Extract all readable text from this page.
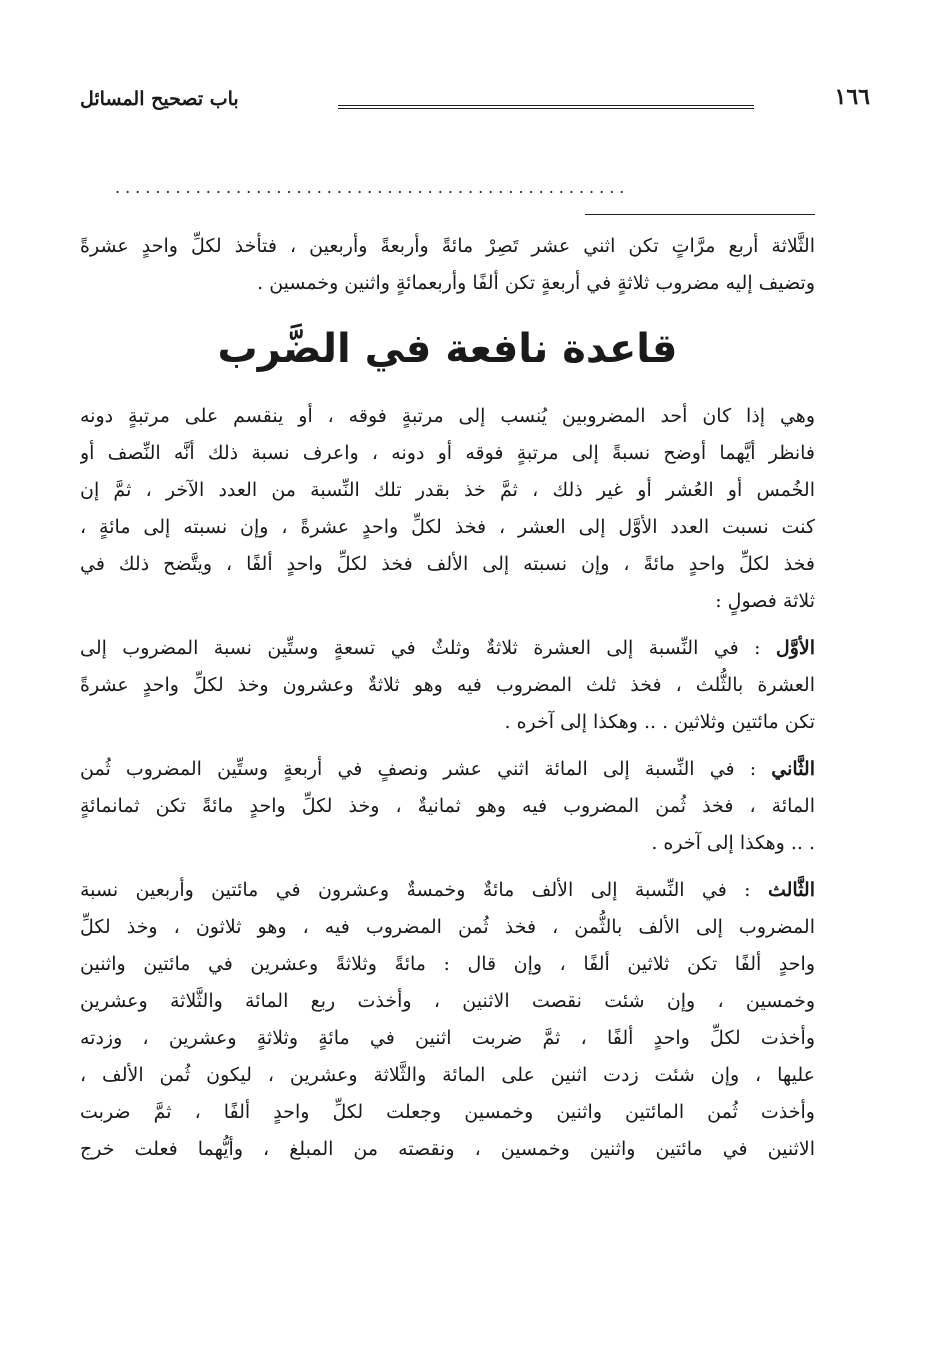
باب تصحيح المسائل	١٦٦
...................................................
الثَّلاثة أربع مرَّاتٍ تكن اثني عشر تَصِرْ مائةً وأربعةً وأربعين ، فتأخذ لكلِّ واحدٍ عشرةً
وتضيف إليه مضروب ثلاثةٍ في أربعةٍ تكن ألفًا وأربعمائةٍ واثنين وخمسين .
قاعدة نافعة في الضَّرب
وهي إذا كان أحد المضروبين يُنسب إلى مرتبةٍ فوقه ، أو ينقسم على مرتبةٍ دونه
فانظر أيَّهما أوضح نسبةً إلى مرتبةٍ فوقه أو دونه ، واعرف نسبة ذلك أنَّه النِّصف أو
الخُمس أو العُشر أو غير ذلك ، ثمَّ خذ بقدر تلك النِّسبة من العدد الآخر ، ثمَّ إن
كنت نسبت العدد الأوَّل إلى العشر ، فخذ لكلِّ واحدٍ عشرةً ، وإن نسبته إلى مائةٍ ،
فخذ لكلِّ واحدٍ مائةً ، وإن نسبته إلى الألف فخذ لكلِّ واحدٍ ألفًا ، ويتَّضح ذلك في
ثلاثة فصولٍ :
الأوَّل : في النِّسبة إلى العشرة ثلاثةٌ وثلثٌ في تسعةٍ وستِّين نسبة المضروب إلى
العشرة بالثُّلث ، فخذ ثلث المضروب فيه وهو ثلاثةٌ وعشرون وخذ لكلِّ واحدٍ عشرةً
تكن مائتين وثلاثين . .. وهكذا إلى آخره .
الثَّاني : في النِّسبة إلى المائة اثني عشر ونصفٍ في أربعةٍ وستِّين المضروب ثُمن
المائة ، فخذ ثُمن المضروب فيه وهو ثمانيةٌ ، وخذ لكلِّ واحدٍ مائةً تكن ثمانمائةٍ
. .. وهكذا إلى آخره .
الثَّالث : في النِّسبة إلى الألف مائةٌ وخمسةٌ وعشرون في مائتين وأربعين نسبة
المضروب إلى الألف بالثُّمن ، فخذ ثُمن المضروب فيه ، وهو ثلاثون ، وخذ لكلِّ
واحدٍ ألفًا تكن ثلاثين ألفًا ، وإن قال : مائةً وثلاثةً وعشرين في مائتين واثنين
وخمسين ، وإن شئت نقصت الاثنين ، وأخذت ربع المائة والثَّلاثة وعشرين
وأخذت لكلِّ واحدٍ ألفًا ، ثمَّ ضربت اثنين في مائةٍ وثلاثةٍ وعشرين ، وزدته
عليها ، وإن شئت زدت اثنين على المائة والثَّلاثة وعشرين ، ليكون ثُمن الألف ،
وأخذت ثُمن المائتين واثنين وخمسين وجعلت لكلِّ واحدٍ ألفًا ، ثمَّ ضربت
الاثنين في مائتين واثنين وخمسين ، ونقصته من المبلغ ، وأيُّهما فعلت خرج
